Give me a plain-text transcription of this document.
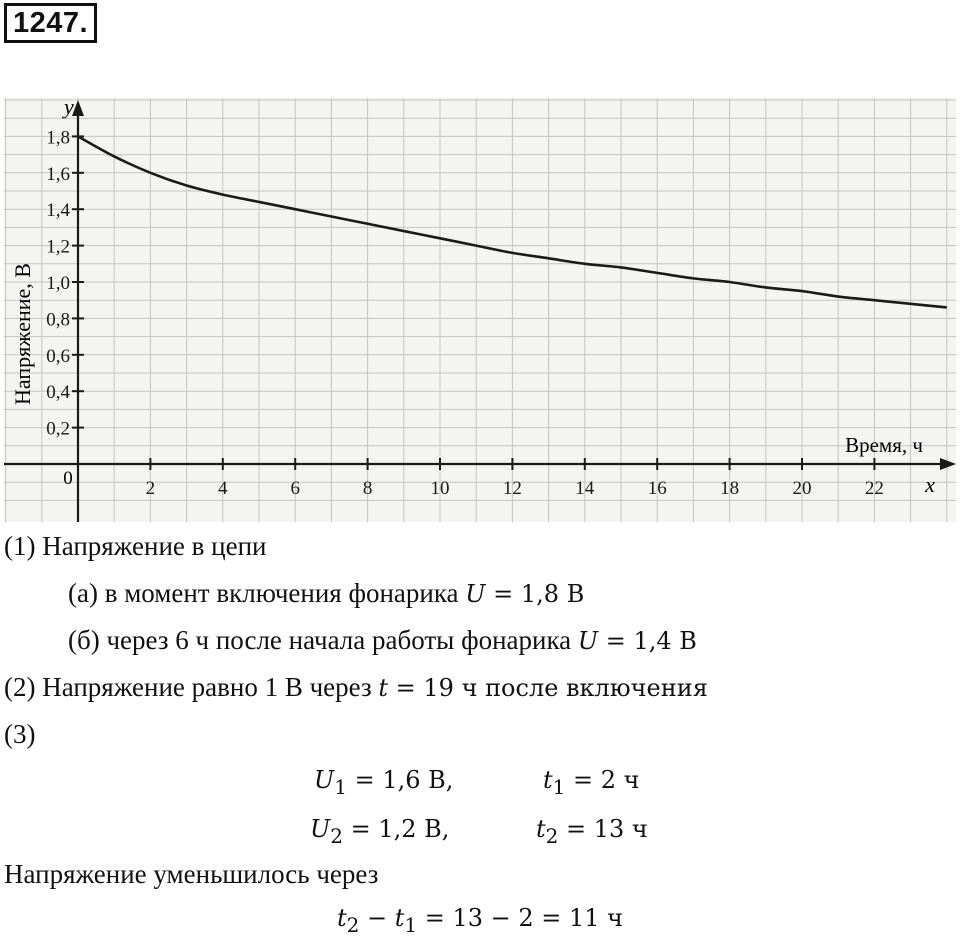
1247.
2	4	6	8	10	12	14	16	18	20	22
0,2
0,4
0,6
0,8
1,0
1,2
1,4
1,6
1,8
Напряжение, В
Время, ч
y
x
0
(1) Напряжение в цепи
(а) в момент включения фонарика U = 1,8 В
(б) через 6 ч после начала работы фонарика U = 1,4 В
(2) Напряжение равно 1 В через t = 19 ч после включения
(3)
$U_1 = 1,6$ В,	$t_1 = 2$ ч
$U_2 = 1,2$ В,	$t_2 = 13$ ч
Напряжение уменьшилось через
$t_2 - t_1 = 13 - 2 = 11$ ч
